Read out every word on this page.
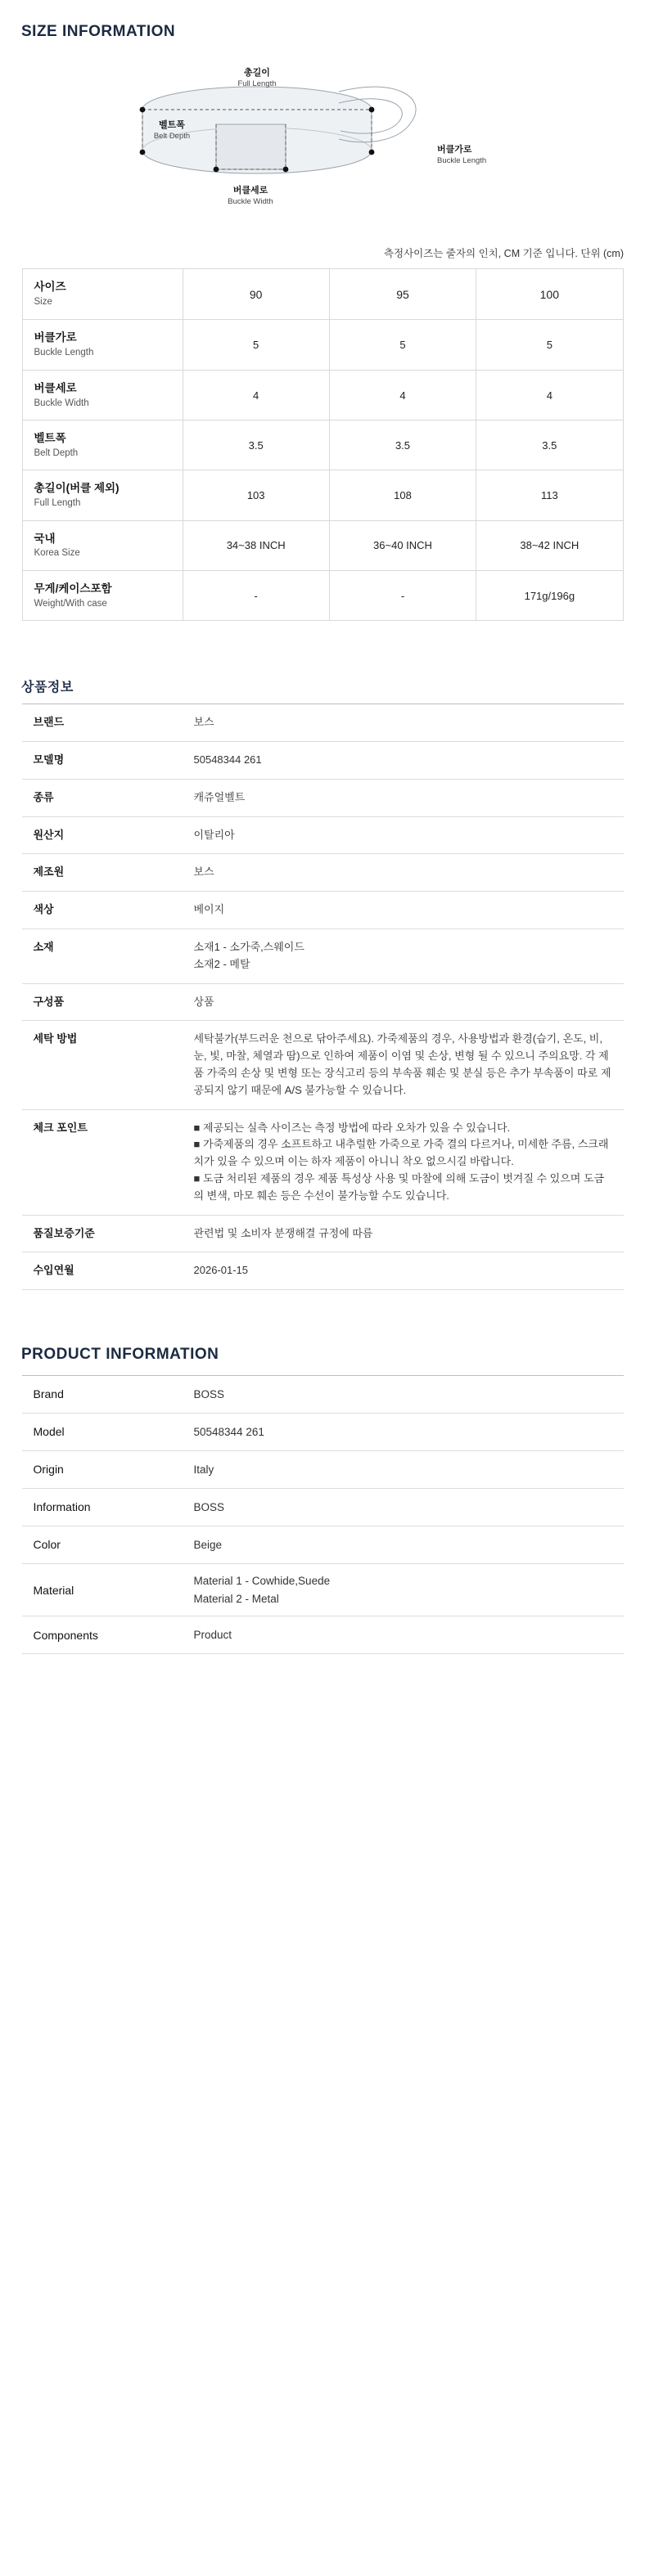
SIZE INFORMATION
총길이
Full Length
벨트폭
Belt Depth
버클가로
Buckle Length
버클세로
Buckle Width
측정사이즈는 줄자의 인치, CM 기준 입니다. 단위 (cm)
사이즈
Size	90	95	100

버클가로
Buckle Length	5	5	5

버클세로
Buckle Width	4	4	4

벨트폭
Belt Depth	3.5	3.5	3.5

총길이(버클 제외)
Full Length	103	108	113

국내
Korea Size	34~38 INCH	36~40 INCH	38~42 INCH

무게/케이스포함
Weight/With case	-	-	171g/196g
상품정보
브랜드	보스

모델명	50548344 261

종류	캐쥬얼벨트

원산지	이탈리아

제조원	보스

색상	베이지

소재	소재1 - 소가죽,스웨이드
소재2 - 메탈

구성품	상품

세탁 방법	세탁불가(부드러운 천으로 닦아주세요). 가죽제품의 경우, 사용방법과 환경(습기, 온도, 비, 눈, 빛, 마찰, 체열과 땀)으로 인하여 제품이 이염 및 손상, 변형 될 수 있으니 주의요망. 각 제품 가죽의 손상 및 변형 또는 장식고리 등의 부속품 훼손 및 분실 등은 추가 부속품이 따로 제공되지 않기 때문에 A/S 불가능할 수 있습니다.

체크 포인트	■ 제공되는 실측 사이즈는 측정 방법에 따라 오차가 있을 수 있습니다.
■ 가죽제품의 경우 소프트하고 내추럴한 가죽으로 가죽 결의 다르거나, 미세한 주름, 스크래치가 있을 수 있으며 이는 하자 제품이 아니니 착오 없으시길 바랍니다.
■ 도금 처리된 제품의 경우 제품 특성상 사용 및 마찰에 의해 도금이 벗겨질 수 있으며 도금의 변색, 마모 훼손 등은 수선이 불가능할 수도 있습니다.

품질보증기준	관련법 및 소비자 분쟁해결 규정에 따름

수입연월	2026-01-15
PRODUCT INFORMATION
Brand	BOSS

Model	50548344 261

Origin	Italy

Information	BOSS

Color	Beige

Material	Material 1 - Cowhide,Suede
Material 2 - Metal

Components	Product
